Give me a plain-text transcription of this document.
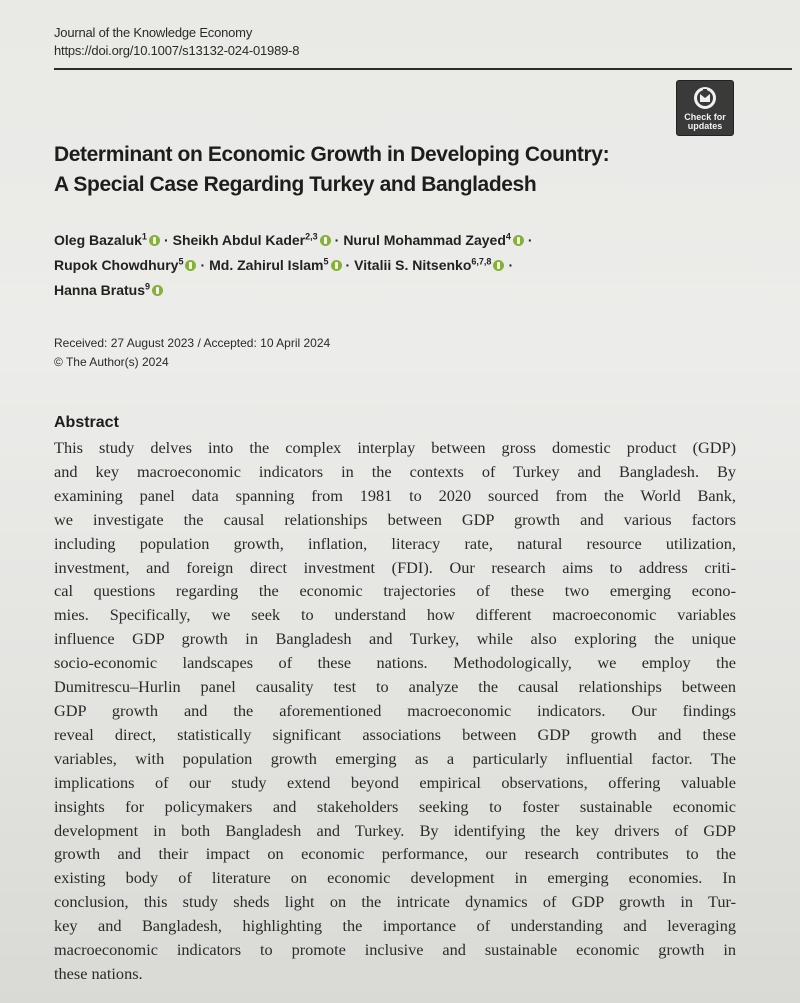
Journal of the Knowledge Economy
https://doi.org/10.1007/s13132-024-01989-8
Check for
updates
Determinant on Economic Growth in Developing Country:
A Special Case Regarding Turkey and Bangladesh
Oleg Bazaluk$^1$ · Sheikh Abdul Kader$^{2,3}$ · Nurul Mohammad Zayed$^4$ ·
Rupok Chowdhury$^5$ · Md. Zahirul Islam$^5$ · Vitalii S. Nitsenko$^{6,7,8}$ ·
Hanna Bratus$^9$
Received: 27 August 2023 / Accepted: 10 April 2024
© The Author(s) 2024
Abstract
This study delves into the complex interplay between gross domestic product (GDP)
and key macroeconomic indicators in the contexts of Turkey and Bangladesh. By
examining panel data spanning from 1981 to 2020 sourced from the World Bank,
we investigate the causal relationships between GDP growth and various factors
including population growth, inflation, literacy rate, natural resource utilization,
investment, and foreign direct investment (FDI). Our research aims to address criti-
cal questions regarding the economic trajectories of these two emerging econo-
mies. Specifically, we seek to understand how different macroeconomic variables
influence GDP growth in Bangladesh and Turkey, while also exploring the unique
socio-economic landscapes of these nations. Methodologically, we employ the
Dumitrescu–Hurlin panel causality test to analyze the causal relationships between
GDP growth and the aforementioned macroeconomic indicators. Our findings
reveal direct, statistically significant associations between GDP growth and these
variables, with population growth emerging as a particularly influential factor. The
implications of our study extend beyond empirical observations, offering valuable
insights for policymakers and stakeholders seeking to foster sustainable economic
development in both Bangladesh and Turkey. By identifying the key drivers of GDP
growth and their impact on economic performance, our research contributes to the
existing body of literature on economic development in emerging economies. In
conclusion, this study sheds light on the intricate dynamics of GDP growth in Tur-
key and Bangladesh, highlighting the importance of understanding and leveraging
macroeconomic indicators to promote inclusive and sustainable economic growth in
these nations.
